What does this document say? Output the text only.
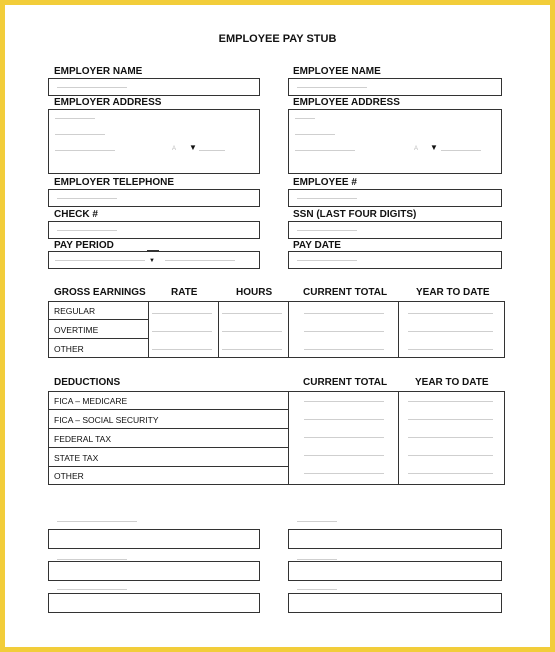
EMPLOYEE PAY STUB
EMPLOYER NAME	EMPLOYEE NAME
EMPLOYER ADDRESS
A ▼
EMPLOYEE ADDRESS
A ▼
EMPLOYER TELEPHONE	EMPLOYEE #
CHECK #	SSN (LAST FOUR DIGITS)
PAY PERIOD
▼
PAY DATE
GROSS EARNINGS	RATE	HOURS	CURRENT TOTAL	YEAR TO DATE
REGULAR
OVERTIME
OTHER
DEDUCTIONS	CURRENT TOTAL	YEAR TO DATE
FICA – MEDICARE
FICA – SOCIAL SECURITY
FEDERAL TAX
STATE TAX
OTHER
